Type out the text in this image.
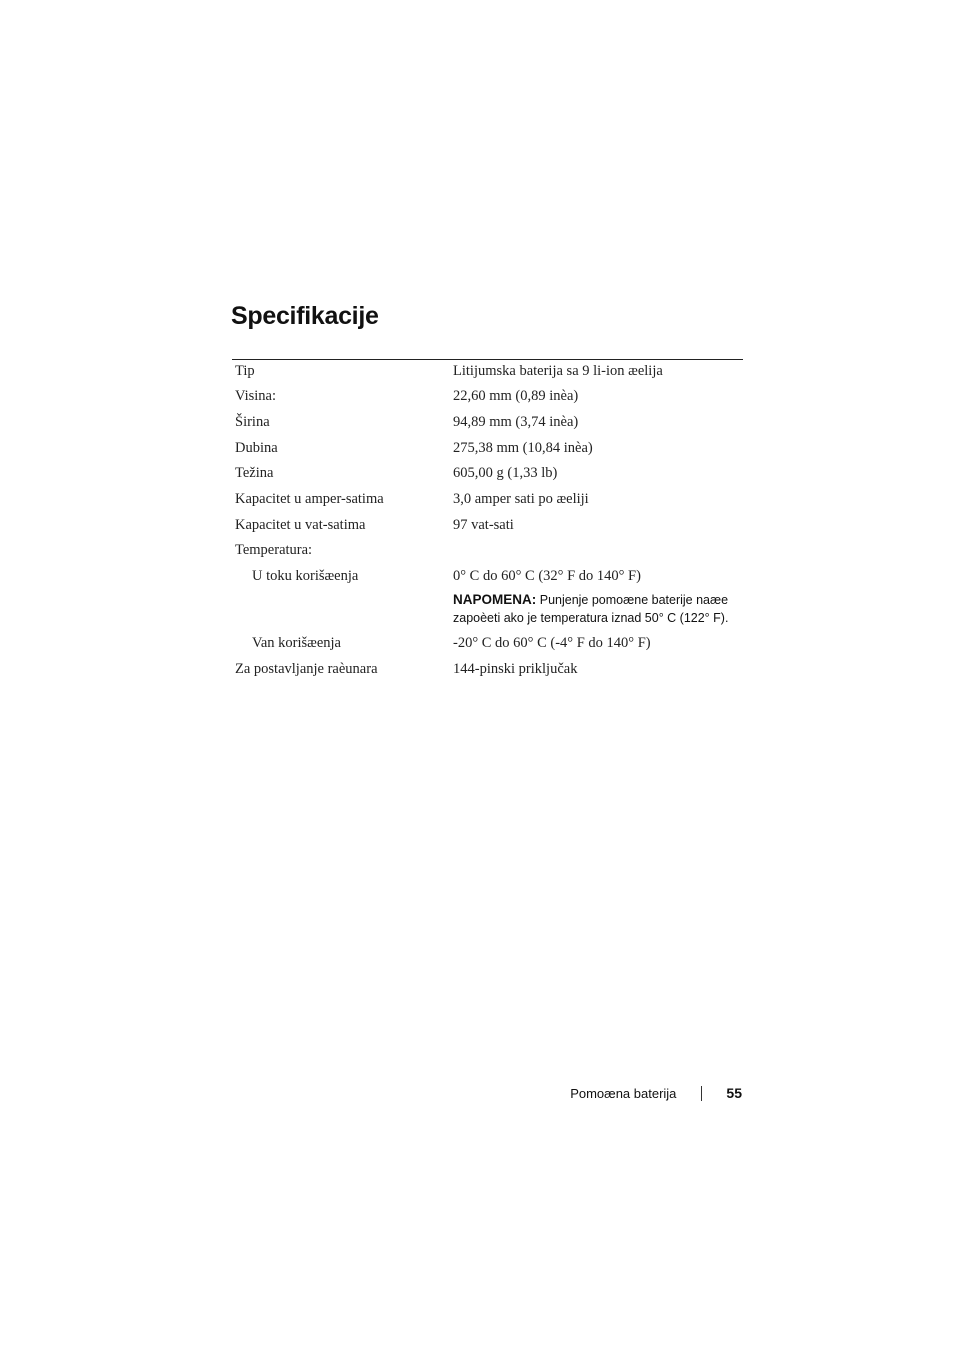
Specifikacije
Tip	Litijumska baterija sa 9 li-ion æelija
Visina:	22,60 mm (0,89 inèa)
Širina	94,89 mm (3,74 inèa)
Dubina	275,38 mm (10,84 inèa)
Težina	605,00 g (1,33 lb)
Kapacitet u amper-satima	3,0 amper sati po æeliji
Kapacitet u vat-satima	97 vat-sati
Temperatura:
U toku korišæenja	0° C do 60° C (32° F do 140° F)
NAPOMENA: Punjenje pomoæne baterije naæe zapoèeti ako je temperatura iznad 50° C (122° F).
Van korišæenja	-20° C do 60° C (-4° F do 140° F)
Za postavljanje raèunara	144-pinski priključak
Pomoæna baterija	55
